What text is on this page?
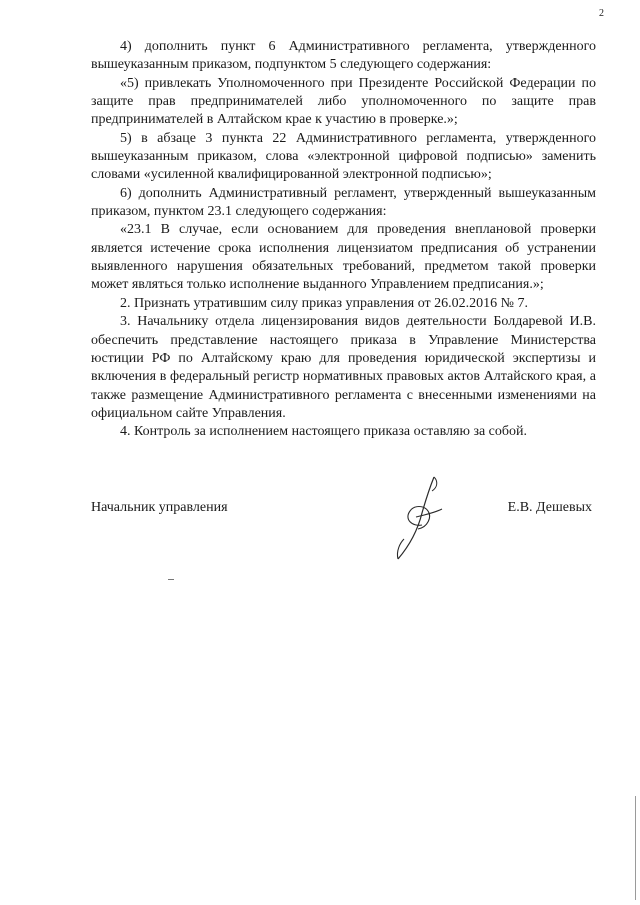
2

4) дополнить пункт 6 Административного регламента, утвержденного вышеуказанным приказом, подпунктом 5 следующего содержания:

«5) привлекать Уполномоченного при Президенте Российской Федерации по защите прав предпринимателей либо уполномоченного по защите прав предпринимателей в Алтайском крае к участию в проверке.»;

5) в абзаце 3 пункта 22 Административного регламента, утвержденного вышеуказанным приказом, слова «электронной цифровой подписью» заменить словами «усиленной квалифицированной электронной подписью»;

6) дополнить Административный регламент, утвержденный вышеуказанным приказом, пунктом 23.1 следующего содержания:

«23.1 В случае, если основанием для проведения внеплановой проверки является истечение срока исполнения лицензиатом предписания об устранении выявленного нарушения обязательных требований, предметом такой проверки может являться только исполнение выданного Управлением предписания.»;

2. Признать утратившим силу приказ управления от 26.02.2016 № 7.

3. Начальнику отдела лицензирования видов деятельности Болдаревой И.В. обеспечить представление настоящего приказа в Управление Министерства юстиции РФ по Алтайскому краю для проведения юридической экспертизы и включения в федеральный регистр нормативных правовых актов Алтайского края, а также размещение Административного регламента с внесенными изменениями на официальном сайте Управления.

4. Контроль за исполнением настоящего приказа оставляю за собой.

Начальник управления	Е.В. Дешевых
